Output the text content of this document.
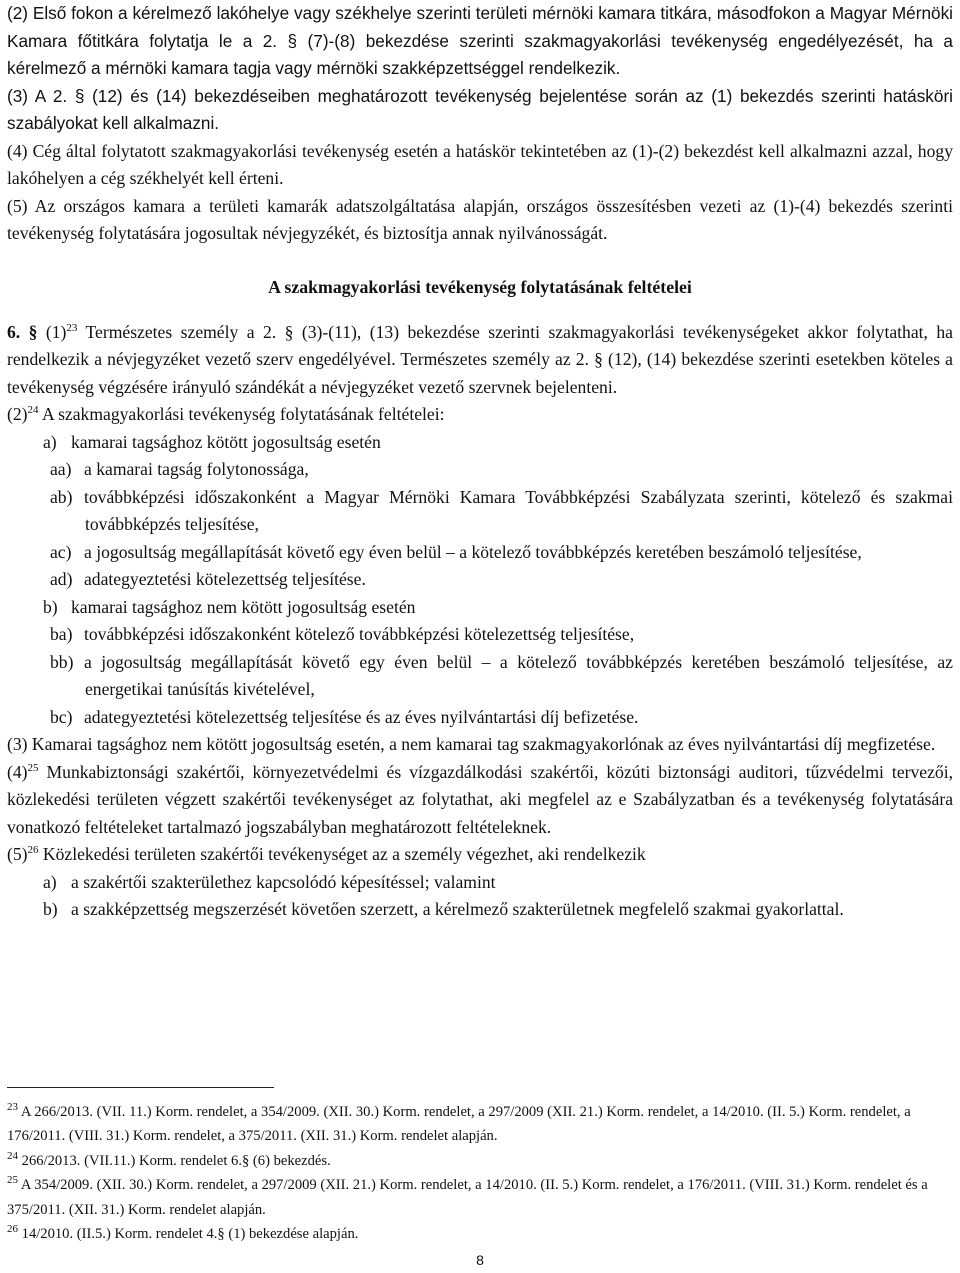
(2) Első fokon a kérelmező lakóhelye vagy székhelye szerinti területi mérnöki kamara titkára, másodfokon a Magyar Mérnöki Kamara főtitkára folytatja le a 2. § (7)-(8) bekezdése szerinti szakmagyakorlási tevékenység engedélyezését, ha a kérelmező a mérnöki kamara tagja vagy mérnöki szakképzettséggel rendelkezik.

(3) A 2. § (12) és (14) bekezdéseiben meghatározott tevékenység bejelentése során az (1) bekezdés szerinti hatásköri szabályokat kell alkalmazni.

(4) Cég által folytatott szakmagyakorlási tevékenység esetén a hatáskör tekintetében az (1)-(2) bekezdést kell alkalmazni azzal, hogy lakóhelyen a cég székhelyét kell érteni.

(5) Az országos kamara a területi kamarák adatszolgáltatása alapján, országos összesítésben vezeti az (1)-(4) bekezdés szerinti tevékenység folytatására jogosultak névjegyzékét, és biztosítja annak nyilvánosságát.

A szakmagyakorlási tevékenység folytatásának feltételei

6. § $(1)^{23}$ Természetes személy a 2. § (3)-(11), (13) bekezdése szerinti szakmagyakorlási tevékenységeket akkor folytathat, ha rendelkezik a névjegyzéket vezető szerv engedélyével. Természetes személy az 2. § (12), (14) bekezdése szerinti esetekben köteles a tevékenység végzésére irányuló szándékát a névjegyzéket vezető szervnek bejelenteni.

$(2)^{24}$ A szakmagyakorlási tevékenység folytatásának feltételei:

a) kamarai tagsághoz kötött jogosultság esetén

aa) a kamarai tagság folytonossága,

ab) továbbképzési időszakonként a Magyar Mérnöki Kamara Továbbképzési Szabályzata szerinti, kötelező és szakmai továbbképzés teljesítése,

ac) a jogosultság megállapítását követő egy éven belül – a kötelező továbbképzés keretében beszámoló teljesítése,

ad) adategyeztetési kötelezettség teljesítése.

b) kamarai tagsághoz nem kötött jogosultság esetén

ba) továbbképzési időszakonként kötelező továbbképzési kötelezettség teljesítése,

bb) a jogosultság megállapítását követő egy éven belül – a kötelező továbbképzés keretében beszámoló teljesítése, az energetikai tanúsítás kivételével,

bc) adategyeztetési kötelezettség teljesítése és az éves nyilvántartási díj befizetése.

(3) Kamarai tagsághoz nem kötött jogosultság esetén, a nem kamarai tag szakmagyakorlónak az éves nyilvántartási díj megfizetése.

$(4)^{25}$ Munkabiztonsági szakértői, környezetvédelmi és vízgazdálkodási szakértői, közúti biztonsági auditori, tűzvédelmi tervezői, közlekedési területen végzett szakértői tevékenységet az folytathat, aki megfelel az e Szabályzatban és a tevékenység folytatására vonatkozó feltételeket tartalmazó jogszabályban meghatározott feltételeknek.

$(5)^{26}$ Közlekedési területen szakértői tevékenységet az a személy végezhet, aki rendelkezik

a) a szakértői szakterülethez kapcsolódó képesítéssel; valamint

b) a szakképzettség megszerzését követően szerzett, a kérelmező szakterületnek megfelelő szakmai gyakorlattal.

$^{23}$ A 266/2013. (VII. 11.) Korm. rendelet, a 354/2009. (XII. 30.) Korm. rendelet, a 297/2009 (XII. 21.) Korm. rendelet, a 14/2010. (II. 5.) Korm. rendelet, a 176/2011. (VIII. 31.) Korm. rendelet, a 375/2011. (XII. 31.) Korm. rendelet alapján.

$^{24}$ 266/2013. (VII.11.) Korm. rendelet 6.§ (6) bekezdés.

$^{25}$ A 354/2009. (XII. 30.) Korm. rendelet, a 297/2009 (XII. 21.) Korm. rendelet, a 14/2010. (II. 5.) Korm. rendelet, a 176/2011. (VIII. 31.) Korm. rendelet és a 375/2011. (XII. 31.) Korm. rendelet alapján.

$^{26}$ 14/2010. (II.5.) Korm. rendelet 4.§ (1) bekezdése alapján.

8
